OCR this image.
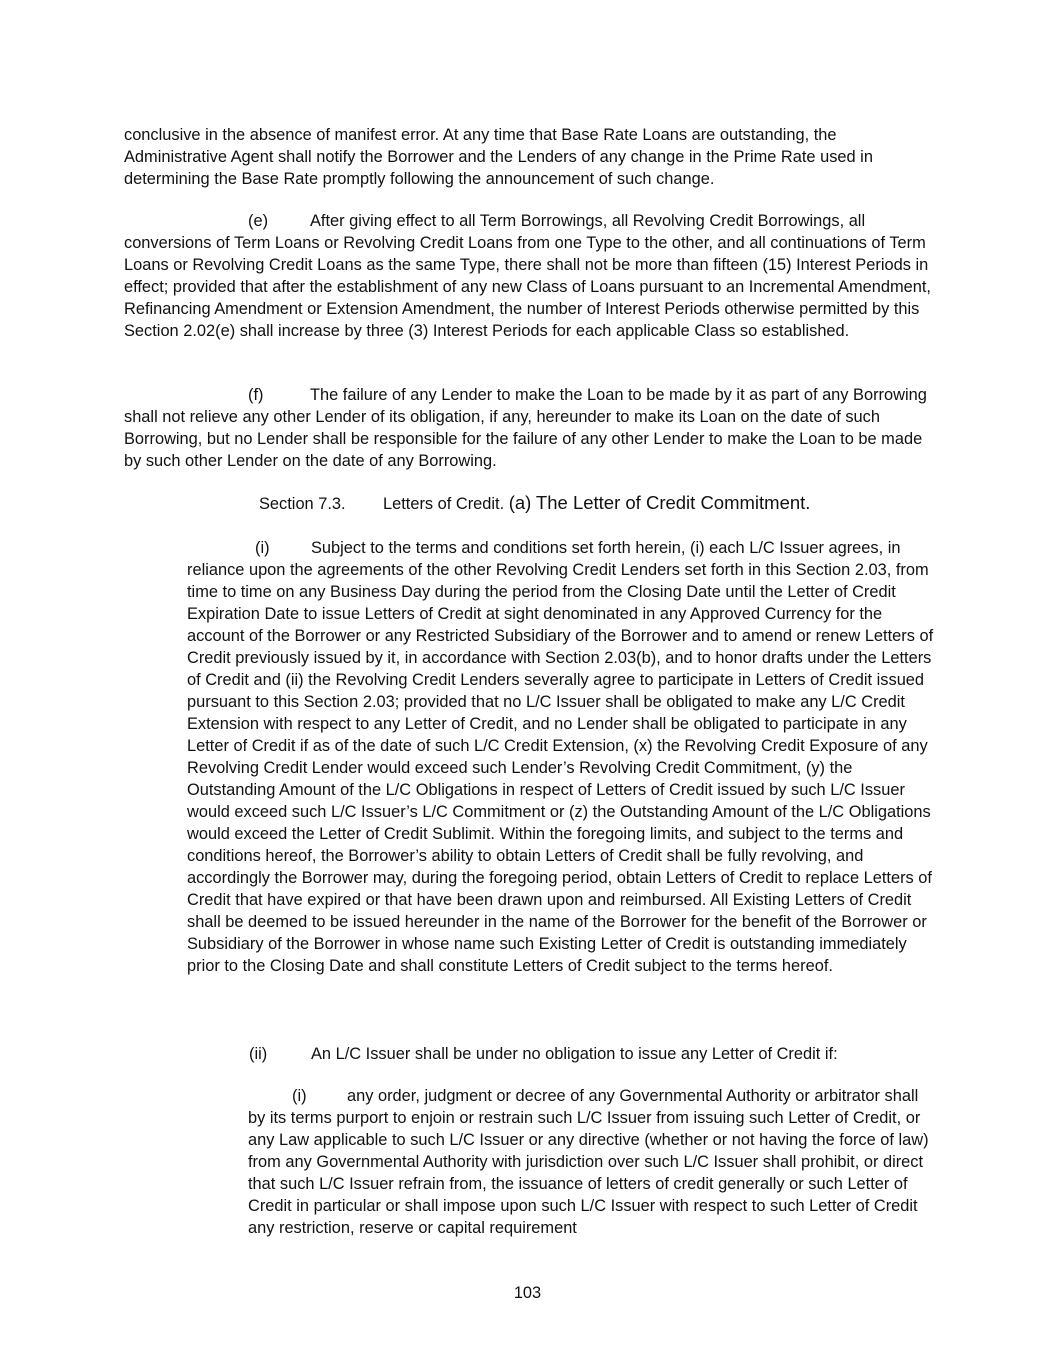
conclusive in the absence of manifest error. At any time that Base Rate Loans are outstanding, the Administrative Agent shall notify the Borrower and the Lenders of any change in the Prime Rate used in determining the Base Rate promptly following the announcement of such change.

(e)	After giving effect to all Term Borrowings, all Revolving Credit Borrowings, all conversions of Term Loans or Revolving Credit Loans from one Type to the other, and all continuations of Term Loans or Revolving Credit Loans as the same Type, there shall not be more than fifteen (15) Interest Periods in effect; provided that after the establishment of any new Class of Loans pursuant to an Incremental Amendment, Refinancing Amendment or Extension Amendment, the number of Interest Periods otherwise permitted by this Section 2.02(e) shall increase by three (3) Interest Periods for each applicable Class so established.

(f)	The failure of any Lender to make the Loan to be made by it as part of any Borrowing shall not relieve any other Lender of its obligation, if any, hereunder to make its Loan on the date of such Borrowing, but no Lender shall be responsible for the failure of any other Lender to make the Loan to be made by such other Lender on the date of any Borrowing.

Section 7.3. Letters of Credit. (a) The Letter of Credit Commitment.

(i)	Subject to the terms and conditions set forth herein, (i) each L/C Issuer agrees, in reliance upon the agreements of the other Revolving Credit Lenders set forth in this Section 2.03, from time to time on any Business Day during the period from the Closing Date until the Letter of Credit Expiration Date to issue Letters of Credit at sight denominated in any Approved Currency for the account of the Borrower or any Restricted Subsidiary of the Borrower and to amend or renew Letters of Credit previously issued by it, in accordance with Section 2.03(b), and to honor drafts under the Letters of Credit and (ii) the Revolving Credit Lenders severally agree to participate in Letters of Credit issued pursuant to this Section 2.03; provided that no L/C Issuer shall be obligated to make any L/C Credit Extension with respect to any Letter of Credit, and no Lender shall be obligated to participate in any Letter of Credit if as of the date of such L/C Credit Extension, (x) the Revolving Credit Exposure of any Revolving Credit Lender would exceed such Lender’s Revolving Credit Commitment, (y) the Outstanding Amount of the L/C Obligations in respect of Letters of Credit issued by such L/C Issuer would exceed such L/C Issuer’s L/C Commitment or (z) the Outstanding Amount of the L/C Obligations would exceed the Letter of Credit Sublimit. Within the foregoing limits, and subject to the terms and conditions hereof, the Borrower’s ability to obtain Letters of Credit shall be fully revolving, and accordingly the Borrower may, during the foregoing period, obtain Letters of Credit to replace Letters of Credit that have expired or that have been drawn upon and reimbursed. All Existing Letters of Credit shall be deemed to be issued hereunder in the name of the Borrower for the benefit of the Borrower or Subsidiary of the Borrower in whose name such Existing Letter of Credit is outstanding immediately prior to the Closing Date and shall constitute Letters of Credit subject to the terms hereof.

(ii)	An L/C Issuer shall be under no obligation to issue any Letter of Credit if:

(i) any order, judgment or decree of any Governmental Authority or arbitrator shall by its terms purport to enjoin or restrain such L/C Issuer from issuing such Letter of Credit, or any Law applicable to such L/C Issuer or any directive (whether or not having the force of law) from any Governmental Authority with jurisdiction over such L/C Issuer shall prohibit, or direct that such L/C Issuer refrain from, the issuance of letters of credit generally or such Letter of Credit in particular or shall impose upon such L/C Issuer with respect to such Letter of Credit any restriction, reserve or capital requirement

103
